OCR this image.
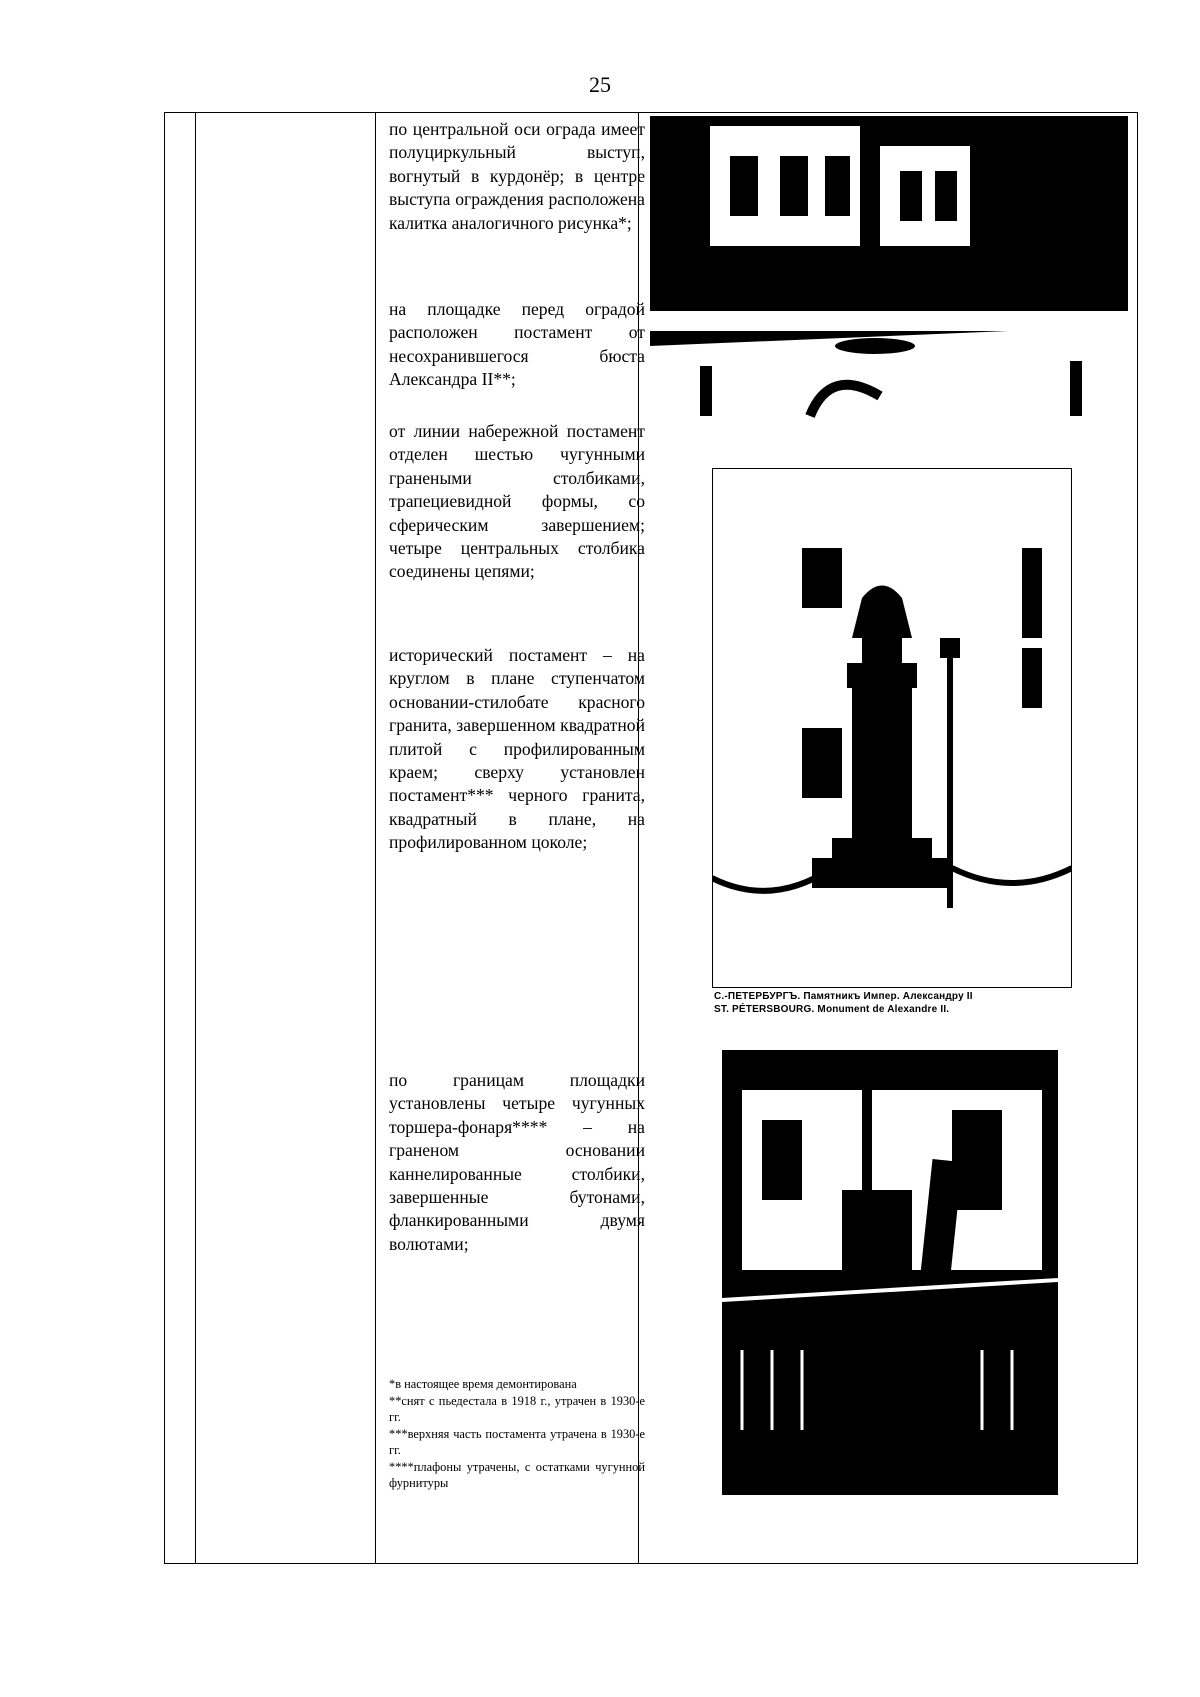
25

по центральной оси ограда имеет полуциркульный выступ, вогнутый в курдонёр; в центре выступа ограждения расположена калитка аналогичного рисунка*;

на площадке перед оградой расположен постамент от несохранившегося бюста Александра II**;

от линии набережной постамент отделен шестью чугунными гранеными столбиками, трапециевидной формы, со сферическим завершением; четыре центральных столбика соединены цепями;

исторический постамент – на круглом в плане ступенчатом основании-стилобате красного гранита, завершенном квадратной плитой с профилированным краем; сверху установлен постамент*** черного гранита, квадратный в плане, на профилированном цоколе;

по границам площадки установлены четыре чугунных торшера-фонаря**** – на граненом основании каннелированные столбики, завершенные бутонами, фланкированными двумя волютами;

*в настоящее время демонтирована

**снят с пьедестала в 1918 г., утрачен в 1930-е гг.

***верхняя часть постамента утрачена в 1930-е гг.

****плафоны утрачены, с остатками чугунной фурнитуры

С.-ПЕТЕРБУРГЪ. Памятникъ Импер. Александру II
ST. PÉTERSBOURG. Monument de Alexandre II.
